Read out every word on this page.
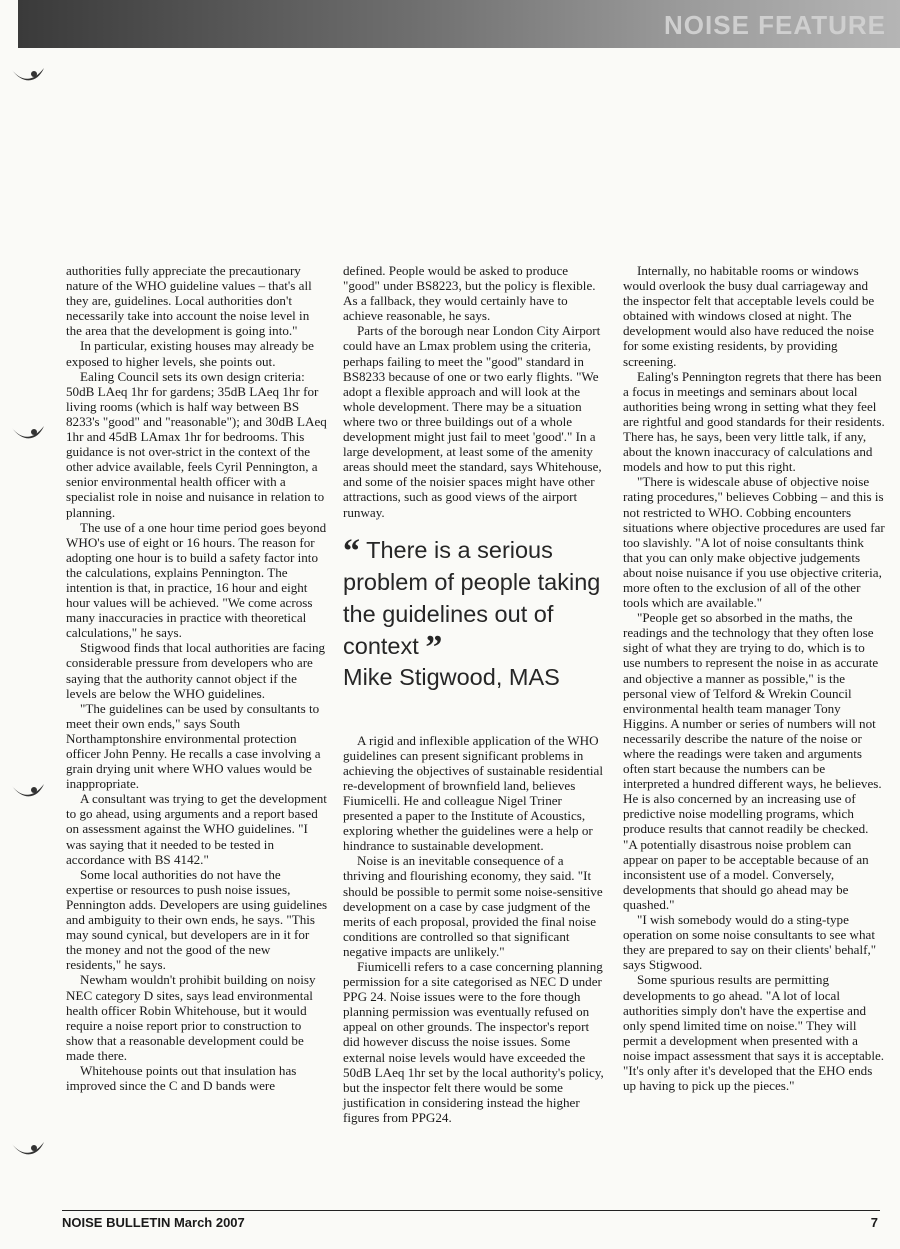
NOISE FEATURE

authorities fully appreciate the precautionary nature of the WHO guideline values – that's all they are, guidelines. Local authorities don't necessarily take into account the noise level in the area that the development is going into."

In particular, existing houses may already be exposed to higher levels, she points out.

Ealing Council sets its own design criteria: 50dB LAeq 1hr for gardens; 35dB LAeq 1hr for living rooms (which is half way between BS 8233's "good" and "reasonable"); and 30dB LAeq 1hr and 45dB LAmax 1hr for bedrooms. This guidance is not over-strict in the context of the other advice available, feels Cyril Pennington, a senior environmental health officer with a specialist role in noise and nuisance in relation to planning.

The use of a one hour time period goes beyond WHO's use of eight or 16 hours. The reason for adopting one hour is to build a safety factor into the calculations, explains Pennington. The intention is that, in practice, 16 hour and eight hour values will be achieved. "We come across many inaccuracies in practice with theoretical calculations," he says.

Stigwood finds that local authorities are facing considerable pressure from developers who are saying that the authority cannot object if the levels are below the WHO guidelines.

"The guidelines can be used by consultants to meet their own ends," says South Northamptonshire environmental protection officer John Penny. He recalls a case involving a grain drying unit where WHO values would be inappropriate.

A consultant was trying to get the development to go ahead, using arguments and a report based on assessment against the WHO guidelines. "I was saying that it needed to be tested in accordance with BS 4142."

Some local authorities do not have the expertise or resources to push noise issues, Pennington adds. Developers are using guidelines and ambiguity to their own ends, he says. "This may sound cynical, but developers are in it for the money and not the good of the new residents," he says.

Newham wouldn't prohibit building on noisy NEC category D sites, says lead environmental health officer Robin Whitehouse, but it would require a noise report prior to construction to show that a reasonable development could be made there.

Whitehouse points out that insulation has improved since the C and D bands were

defined. People would be asked to produce "good" under BS8223, but the policy is flexible. As a fallback, they would certainly have to achieve reasonable, he says.

Parts of the borough near London City Airport could have an Lmax problem using the criteria, perhaps failing to meet the "good" standard in BS8233 because of one or two early flights. "We adopt a flexible approach and will look at the whole development. There may be a situation where two or three buildings out of a whole development might just fail to meet 'good'." In a large development, at least some of the amenity areas should meet the standard, says Whitehouse, and some of the noisier spaces might have other attractions, such as good views of the airport runway.

“ There is a serious problem of people taking the guidelines out of context ”
Mike Stigwood, MAS

A rigid and inflexible application of the WHO guidelines can present significant problems in achieving the objectives of sustainable residential re-development of brownfield land, believes Fiumicelli. He and colleague Nigel Triner presented a paper to the Institute of Acoustics, exploring whether the guidelines were a help or hindrance to sustainable development.

Noise is an inevitable consequence of a thriving and flourishing economy, they said. "It should be possible to permit some noise-sensitive development on a case by case judgment of the merits of each proposal, provided the final noise conditions are controlled so that significant negative impacts are unlikely."

Fiumicelli refers to a case concerning planning permission for a site categorised as NEC D under PPG 24. Noise issues were to the fore though planning permission was eventually refused on appeal on other grounds. The inspector's report did however discuss the noise issues. Some external noise levels would have exceeded the 50dB LAeq 1hr set by the local authority's policy, but the inspector felt there would be some justification in considering instead the higher figures from PPG24.

Internally, no habitable rooms or windows would overlook the busy dual carriageway and the inspector felt that acceptable levels could be obtained with windows closed at night. The development would also have reduced the noise for some existing residents, by providing screening.

Ealing's Pennington regrets that there has been a focus in meetings and seminars about local authorities being wrong in setting what they feel are rightful and good standards for their residents. There has, he says, been very little talk, if any, about the known inaccuracy of calculations and models and how to put this right.

"There is widescale abuse of objective noise rating procedures," believes Cobbing – and this is not restricted to WHO. Cobbing encounters situations where objective procedures are used far too slavishly. "A lot of noise consultants think that you can only make objective judgements about noise nuisance if you use objective criteria, more often to the exclusion of all of the other tools which are available."

"People get so absorbed in the maths, the readings and the technology that they often lose sight of what they are trying to do, which is to use numbers to represent the noise in as accurate and objective a manner as possible," is the personal view of Telford & Wrekin Council environmental health team manager Tony Higgins. A number or series of numbers will not necessarily describe the nature of the noise or where the readings were taken and arguments often start because the numbers can be interpreted a hundred different ways, he believes. He is also concerned by an increasing use of predictive noise modelling programs, which produce results that cannot readily be checked. "A potentially disastrous noise problem can appear on paper to be acceptable because of an inconsistent use of a model. Conversely, developments that should go ahead may be quashed."

"I wish somebody would do a sting-type operation on some noise consultants to see what they are prepared to say on their clients' behalf," says Stigwood.

Some spurious results are permitting developments to go ahead. "A lot of local authorities simply don't have the expertise and only spend limited time on noise." They will permit a development when presented with a noise impact assessment that says it is acceptable. "It's only after it's developed that the EHO ends up having to pick up the pieces."

NOISE BULLETIN March 2007	7
